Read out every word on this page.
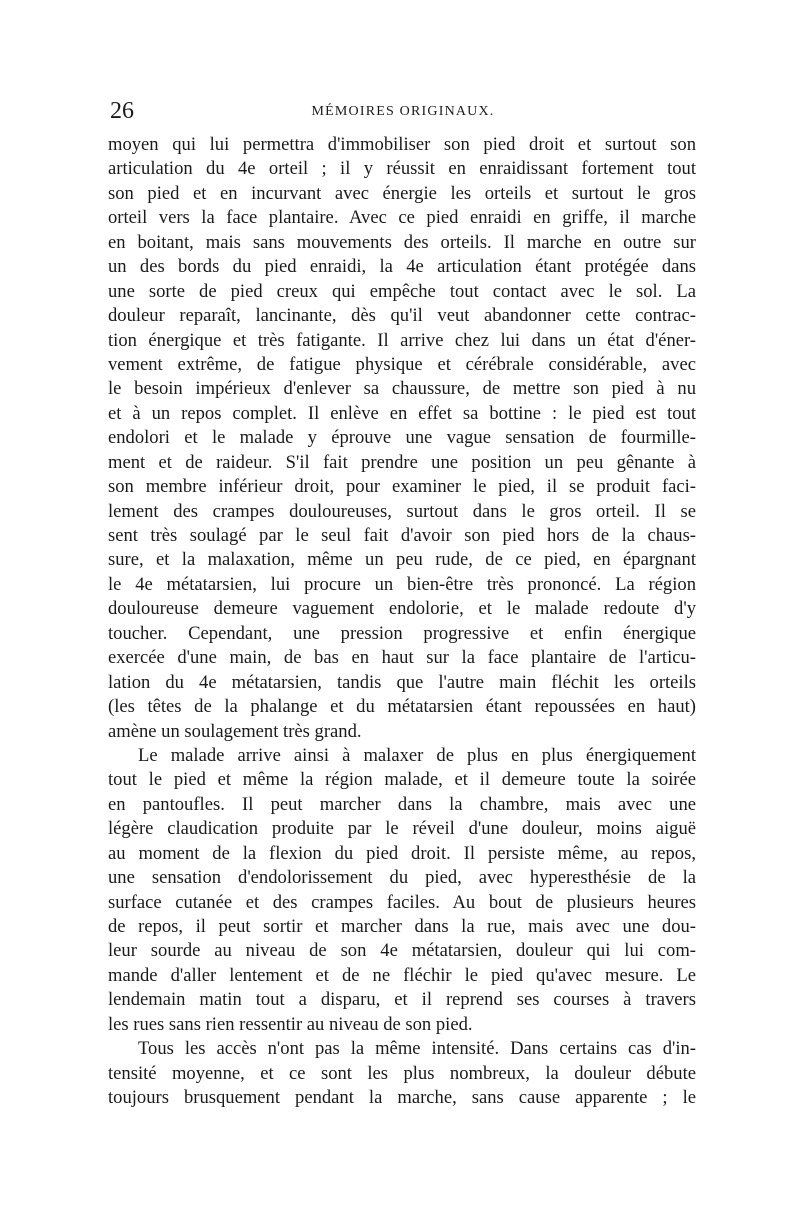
26	MÉMOIRES ORIGINAUX.
moyen qui lui permettra d'immobiliser son pied droit et surtout son
articulation du 4e orteil ; il y réussit en enraidissant fortement tout
son pied et en incurvant avec énergie les orteils et surtout le gros
orteil vers la face plantaire. Avec ce pied enraidi en griffe, il marche
en boitant, mais sans mouvements des orteils. Il marche en outre sur
un des bords du pied enraidi, la 4e articulation étant protégée dans
une sorte de pied creux qui empêche tout contact avec le sol. La
douleur reparaît, lancinante, dès qu'il veut abandonner cette contrac-
tion énergique et très fatigante. Il arrive chez lui dans un état d'éner-
vement extrême, de fatigue physique et cérébrale considérable, avec
le besoin impérieux d'enlever sa chaussure, de mettre son pied à nu
et à un repos complet. Il enlève en effet sa bottine : le pied est tout
endolori et le malade y éprouve une vague sensation de fourmille-
ment et de raideur. S'il fait prendre une position un peu gênante à
son membre inférieur droit, pour examiner le pied, il se produit faci-
lement des crampes douloureuses, surtout dans le gros orteil. Il se
sent très soulagé par le seul fait d'avoir son pied hors de la chaus-
sure, et la malaxation, même un peu rude, de ce pied, en épargnant
le 4e métatarsien, lui procure un bien-être très prononcé. La région
douloureuse demeure vaguement endolorie, et le malade redoute d'y
toucher. Cependant, une pression progressive et enfin énergique
exercée d'une main, de bas en haut sur la face plantaire de l'articu-
lation du 4e métatarsien, tandis que l'autre main fléchit les orteils
(les têtes de la phalange et du métatarsien étant repoussées en haut)
amène un soulagement très grand.
Le malade arrive ainsi à malaxer de plus en plus énergiquement
tout le pied et même la région malade, et il demeure toute la soirée
en pantoufles. Il peut marcher dans la chambre, mais avec une
légère claudication produite par le réveil d'une douleur, moins aiguë
au moment de la flexion du pied droit. Il persiste même, au repos,
une sensation d'endolorissement du pied, avec hyperesthésie de la
surface cutanée et des crampes faciles. Au bout de plusieurs heures
de repos, il peut sortir et marcher dans la rue, mais avec une dou-
leur sourde au niveau de son 4e métatarsien, douleur qui lui com-
mande d'aller lentement et de ne fléchir le pied qu'avec mesure. Le
lendemain matin tout a disparu, et il reprend ses courses à travers
les rues sans rien ressentir au niveau de son pied.
Tous les accès n'ont pas la même intensité. Dans certains cas d'in-
tensité moyenne, et ce sont les plus nombreux, la douleur débute
toujours brusquement pendant la marche, sans cause apparente ; le
